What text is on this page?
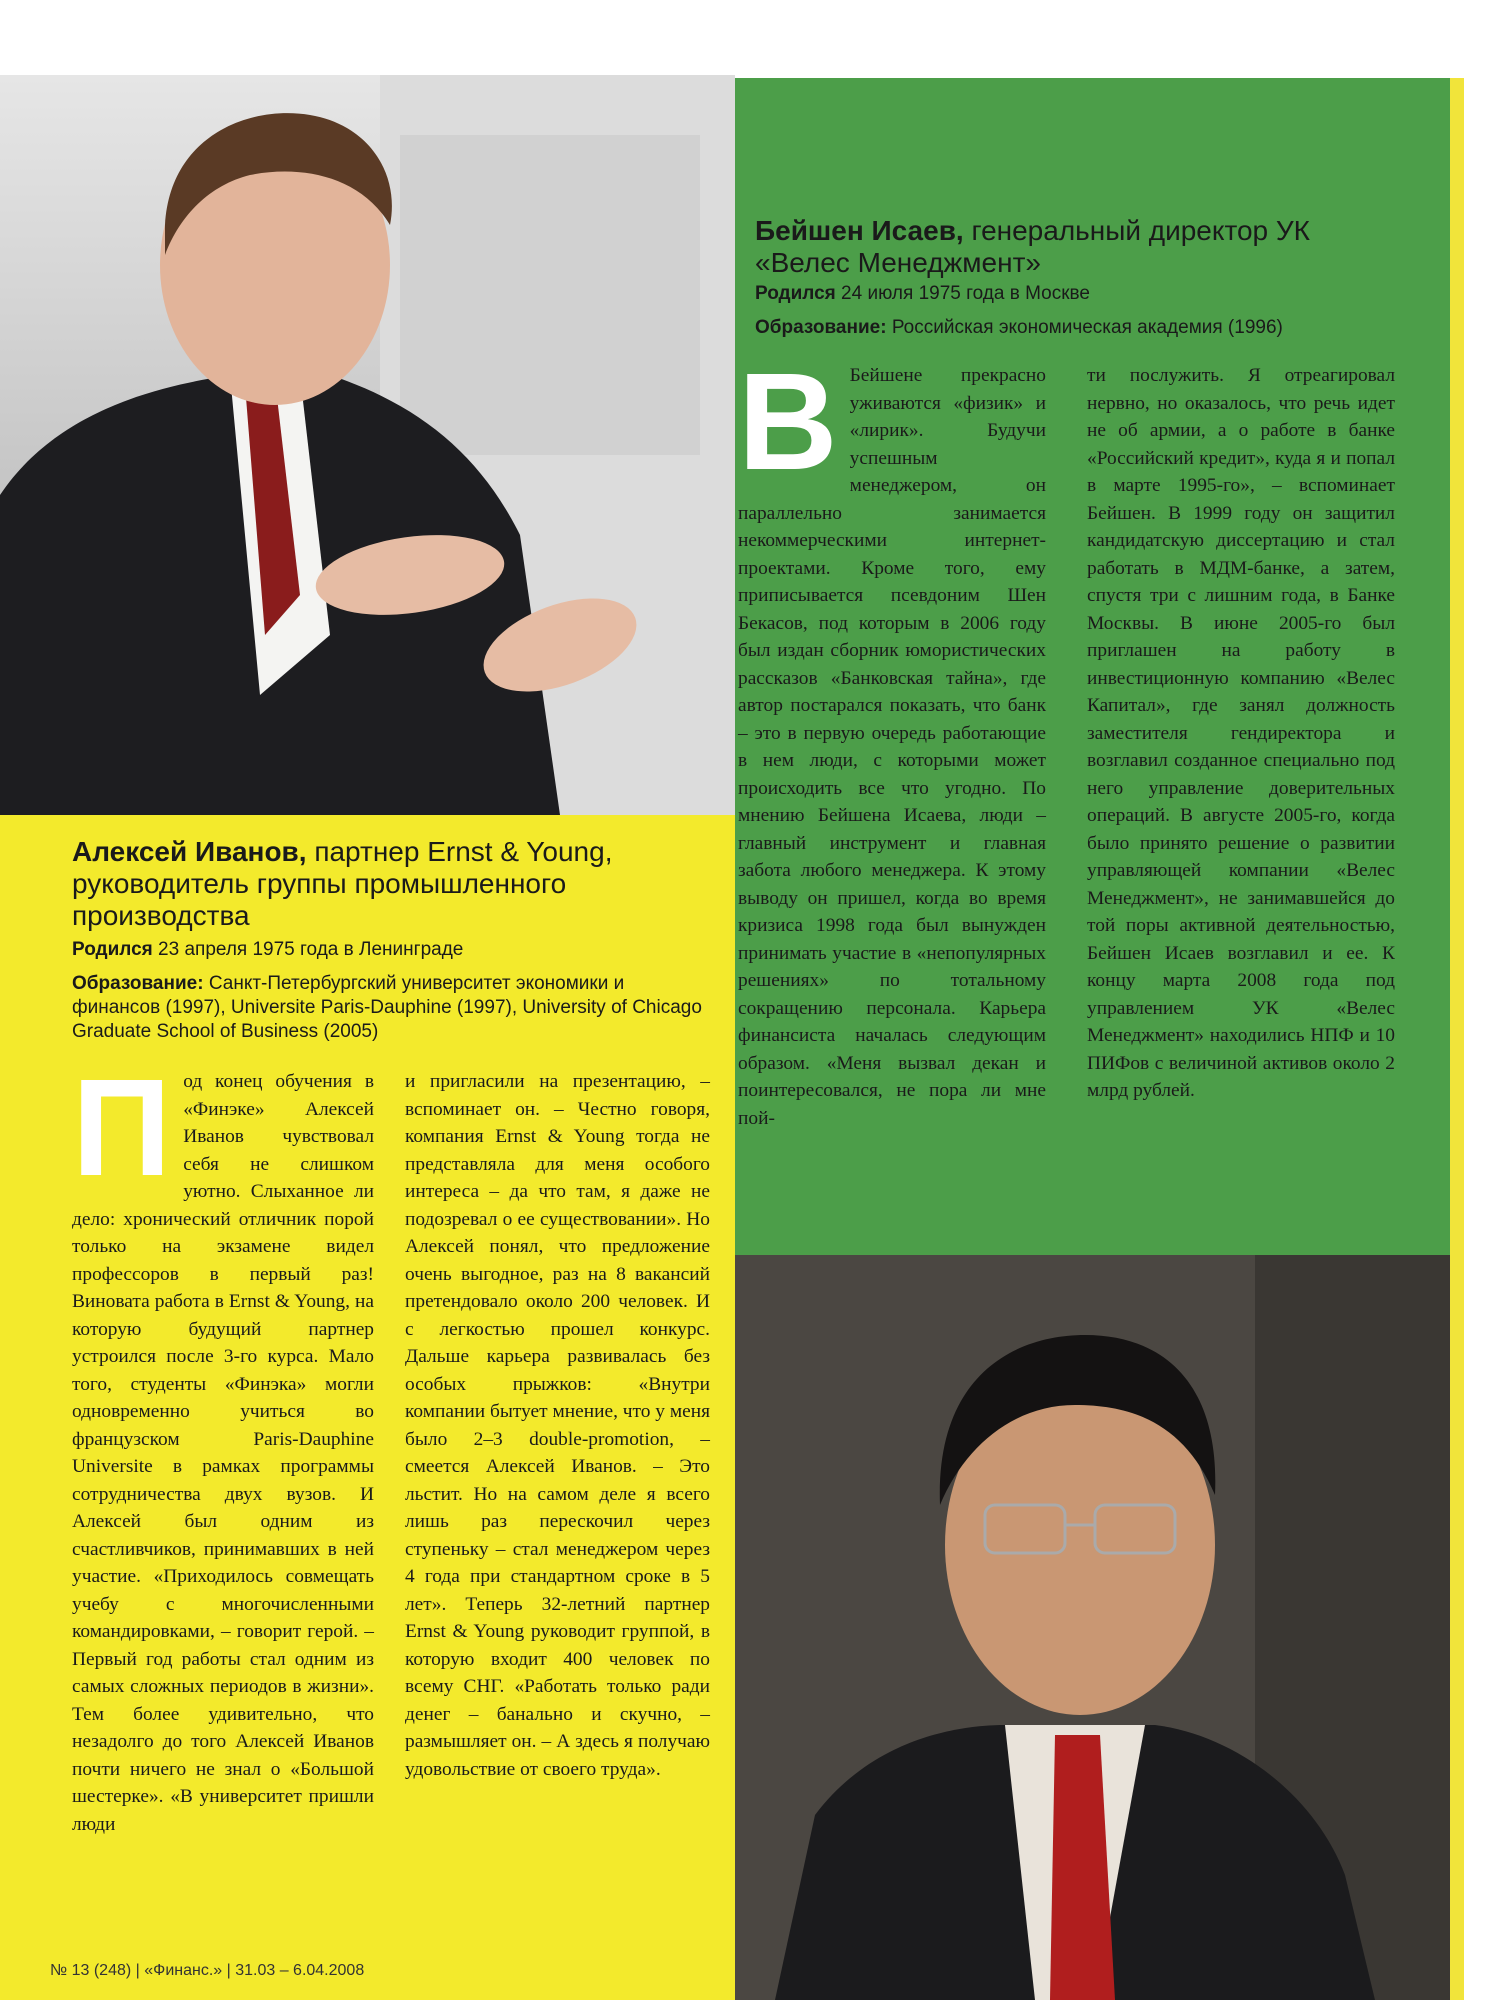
Бейшен Исаев, генеральный директор УК «Велес Менеджмент»
Родился 24 июля 1975 года в Москве
Образование: Российская экономическая академия (1996)
В Бейшене прекрасно уживаются «физик» и «лирик». Будучи успешным менеджером, он параллельно занимается некоммерческими интернет-проектами. Кроме того, ему приписывается псевдоним Шен Бекасов, под которым в 2006 году был издан сборник юмористических рассказов «Банковская тайна», где автор постарался показать, что банк – это в первую очередь работающие в нем люди, с которыми может происходить все что угодно. По мнению Бейшена Исаева, люди – главный инструмент и главная забота любого менеджера. К этому выводу он пришел, когда во время кризиса 1998 года был вынужден принимать участие в «непопулярных решениях» по тотальному сокращению персонала. Карьера финансиста началась следующим образом. «Меня вызвал декан и поинтересовался, не пора ли мне пой-
ти послужить. Я отреагировал нервно, но оказалось, что речь идет не об армии, а о работе в банке «Российский кредит», куда я и попал в марте 1995-го», – вспоминает Бейшен. В 1999 году он защитил кандидатскую диссертацию и стал работать в МДМ-банке, а затем, спустя три с лишним года, в Банке Москвы. В июне 2005-го был приглашен на работу в инвестиционную компанию «Велес Капитал», где занял должность заместителя гендиректора и возглавил созданное специально под него управление доверительных операций. В августе 2005-го, когда было принято решение о развитии управляющей компании «Велес Менеджмент», не занимавшейся до той поры активной деятельностью, Бейшен Исаев возглавил и ее. К концу марта 2008 года под управлением УК «Велес Менеджмент» находились НПФ и 10 ПИФов с величиной активов около 2 млрд рублей.
Алексей Иванов, партнер Ernst & Young, руководитель группы промышленного производства
Родился 23 апреля 1975 года в Ленинграде
Образование: Санкт-Петербургский университет экономики и финансов (1997), Universite Paris-Dauphine (1997), University of Chicago Graduate School of Business (2005)
Под конец обучения в «Финэке» Алексей Иванов чувствовал себя не слишком уютно. Слыханное ли дело: хронический отличник порой только на экзамене видел профессоров в первый раз! Виновата работа в Ernst & Young, на которую будущий партнер устроился после 3-го курса. Мало того, студенты «Финэка» могли одновременно учиться во французском Paris-Dauphine Universite в рамках программы сотрудничества двух вузов. И Алексей был одним из счастливчиков, принимавших в ней участие. «Приходилось совмещать учебу с многочисленными командировками, – говорит герой. – Первый год работы стал одним из самых сложных периодов в жизни». Тем более удивительно, что незадолго до того Алексей Иванов почти ничего не знал о «Большой шестерке». «В университет пришли люди
и пригласили на презентацию, – вспоминает он. – Честно говоря, компания Ernst & Young тогда не представляла для меня особого интереса – да что там, я даже не подозревал о ее существовании». Но Алексей понял, что предложение очень выгодное, раз на 8 вакансий претендовало около 200 человек. И с легкостью прошел конкурс. Дальше карьера развивалась без особых прыжков: «Внутри компании бытует мнение, что у меня было 2–3 double-promotion, – смеется Алексей Иванов. – Это льстит. Но на самом деле я всего лишь раз перескочил через ступеньку – стал менеджером через 4 года при стандартном сроке в 5 лет». Теперь 32-летний партнер Ernst & Young руководит группой, в которую входит 400 человек по всему СНГ. «Работать только ради денег – банально и скучно, – размышляет он. – А здесь я получаю удовольствие от своего труда».
№ 13 (248) | «Финанс.» | 31.03 – 6.04.2008
